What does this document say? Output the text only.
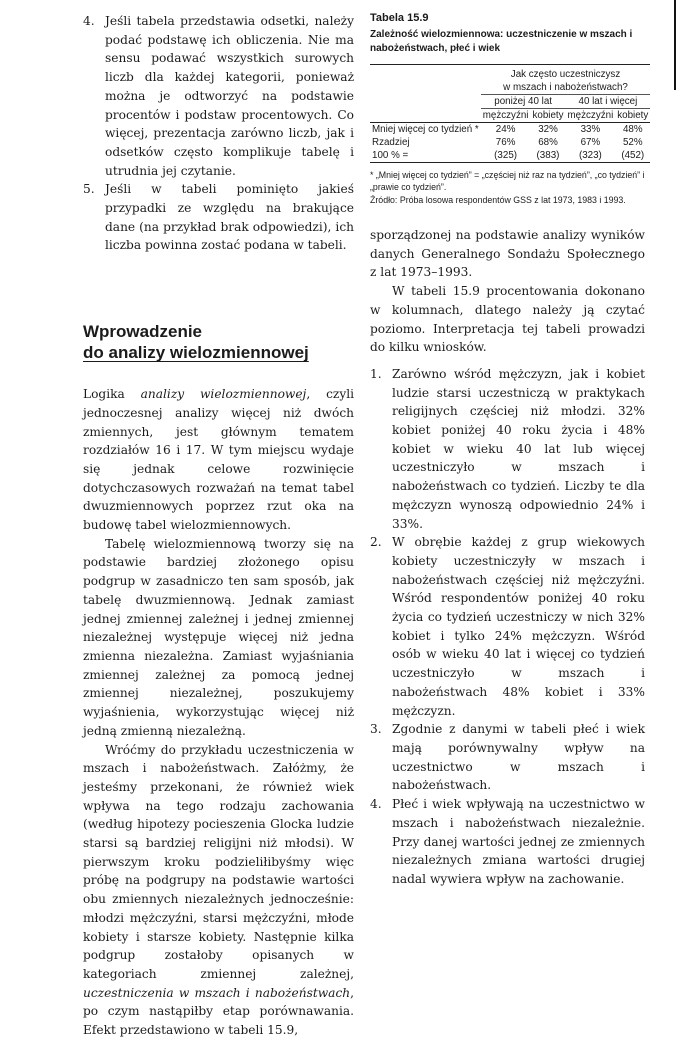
4. Jeśli tabela przedstawia odsetki, należy podać podstawę ich obliczenia. Nie ma sensu podawać wszystkich surowych liczb dla każdej kategorii, ponieważ można je odtworzyć na podstawie procentów i podstaw procentowych. Co więcej, prezentacja zarówno liczb, jak i odsetków często komplikuje tabelę i utrudnia jej czytanie.
5. Jeśli w tabeli pominięto jakieś przypadki ze względu na brakujące dane (na przykład brak odpowiedzi), ich liczba powinna zostać podana w tabeli.
Wprowadzenie
do analizy wielozmiennowej

Logika analizy wielozmiennowej, czyli jednoczesnej analizy więcej niż dwóch zmiennych, jest głównym tematem rozdziałów 16 i 17. W tym miejscu wydaje się jednak celowe rozwinięcie dotychczasowych rozważań na temat tabel dwuzmiennowych poprzez rzut oka na budowę tabel wielozmiennowych.

Tabelę wielozmiennową tworzy się na podstawie bardziej złożonego opisu podgrup w zasadniczo ten sam sposób, jak tabelę dwuzmiennową. Jednak zamiast jednej zmiennej zależnej i jednej zmiennej niezależnej występuje więcej niż jedna zmienna niezależna. Zamiast wyjaśniania zmiennej zależnej za pomocą jednej zmiennej niezależnej, poszukujemy wyjaśnienia, wykorzystując więcej niż jedną zmienną niezależną.

Wróćmy do przykładu uczestniczenia w mszach i nabożeństwach. Załóżmy, że jesteśmy przekonani, że również wiek wpływa na tego rodzaju zachowania (według hipotezy pocieszenia Glocka ludzie starsi są bardziej religijni niż młodsi). W pierwszym kroku podzieliłibyśmy więc próbę na podgrupy na podstawie wartości obu zmiennych niezależnych jednocześnie: młodzi mężczyźni, starsi mężczyźni, młode kobiety i starsze kobiety. Następnie kilka podgrup zostałoby opisanych w kategoriach zmiennej zależnej, uczestniczenia w mszach i nabożeństwach, po czym nastąpiłby etap porównawania. Efekt przedstawiono w tabeli 15.9,

Tabela 15.9
Zależność wielozmiennowa: uczestniczenie w mszach i nabożeństwach, płeć i wiek

	Jak często uczestniczysz			
	w mszach i nabożeństwach?			
	poniżej 40 lat		40 lat i więcej	
	mężczyźni	kobiety	mężczyźni	kobiety
Mniej więcej co tydzień *	24%	32%	33%	48%
Rzadziej	76%	68%	67%	52%
100 % =	(325)	(383)	(323)	(452)

* „Mniej więcej co tydzień” = „częściej niż raz na tydzień”, „co tydzień” i „prawie co tydzień”.
Źródło: Próba losowa respondentów GSS z lat 1973, 1983 i 1993.

sporządzonej na podstawie analizy wyników danych Generalnego Sondażu Społecznego z lat 1973–1993.

W tabeli 15.9 procentowania dokonano w kolumnach, dlatego należy ją czytać poziomo. Interpretacja tej tabeli prowadzi do kilku wniosków.

1. Zarówno wśród mężczyzn, jak i kobiet ludzie starsi uczestniczą w praktykach religijnych częściej niż młodzi. 32% kobiet poniżej 40 roku życia i 48% kobiet w wieku 40 lat lub więcej uczestniczyło w mszach i nabożeństwach co tydzień. Liczby te dla mężczyzn wynoszą odpowiednio 24% i 33%.
2. W obrębie każdej z grup wiekowych kobiety uczestniczyły w mszach i nabożeństwach częściej niż mężczyźni. Wśród respondentów poniżej 40 roku życia co tydzień uczestniczy w nich 32% kobiet i tylko 24% mężczyzn. Wśród osób w wieku 40 lat i więcej co tydzień uczestniczyło w mszach i nabożeństwach 48% kobiet i 33% mężczyzn.
3. Zgodnie z danymi w tabeli płeć i wiek mają porównywalny wpływ na uczestnictwo w mszach i nabożeństwach.
4. Płeć i wiek wpływają na uczestnictwo w mszach i nabożeństwach niezależnie. Przy danej wartości jednej ze zmiennych niezależnych zmiana wartości drugiej nadal wywiera wpływ na zachowanie.
